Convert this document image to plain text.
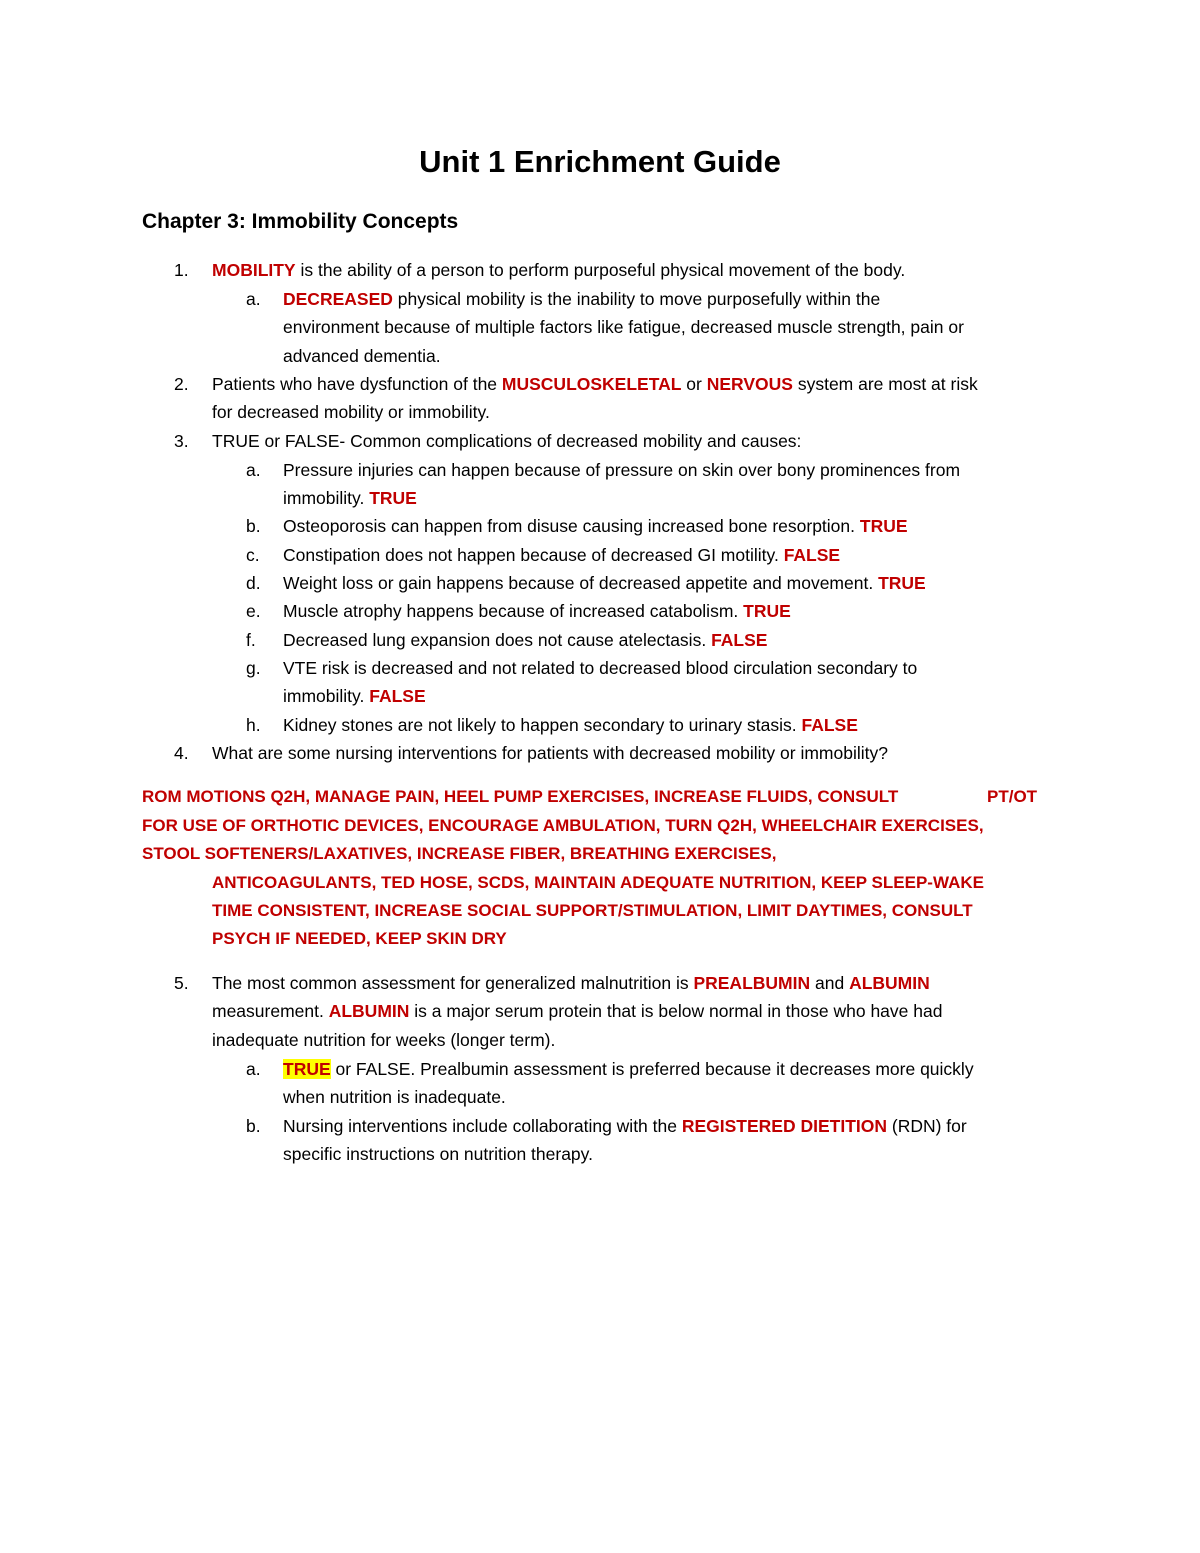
Unit 1 Enrichment Guide
Chapter 3: Immobility Concepts
1. MOBILITY is the ability of a person to perform purposeful physical movement of the body.
a. DECREASED physical mobility is the inability to move purposefully within the
environment because of multiple factors like fatigue, decreased muscle strength, pain or
advanced dementia.
2. Patients who have dysfunction of the MUSCULOSKELETAL or NERVOUS system are most at risk
for decreased mobility or immobility.
3. TRUE or FALSE- Common complications of decreased mobility and causes:
a. Pressure injuries can happen because of pressure on skin over bony prominences from
immobility. TRUE
b. Osteoporosis can happen from disuse causing increased bone resorption. TRUE
c. Constipation does not happen because of decreased GI motility. FALSE
d. Weight loss or gain happens because of decreased appetite and movement. TRUE
e. Muscle atrophy happens because of increased catabolism. TRUE
f. Decreased lung expansion does not cause atelectasis. FALSE
g. VTE risk is decreased and not related to decreased blood circulation secondary to
immobility. FALSE
h. Kidney stones are not likely to happen secondary to urinary stasis. FALSE
4. What are some nursing interventions for patients with decreased mobility or immobility?
ROM MOTIONS Q2H, MANAGE PAIN, HEEL PUMP EXERCISES, INCREASE FLUIDS, CONSULT	PT/OT
FOR USE OF ORTHOTIC DEVICES, ENCOURAGE AMBULATION, TURN Q2H, WHEELCHAIR EXERCISES,
STOOL SOFTENERS/LAXATIVES, INCREASE FIBER, BREATHING EXERCISES,
ANTICOAGULANTS, TED HOSE, SCDS, MAINTAIN ADEQUATE NUTRITION, KEEP SLEEP-WAKE
TIME CONSISTENT, INCREASE SOCIAL SUPPORT/STIMULATION, LIMIT DAYTIMES, CONSULT
PSYCH IF NEEDED, KEEP SKIN DRY
5. The most common assessment for generalized malnutrition is PREALBUMIN and ALBUMIN
measurement. ALBUMIN is a major serum protein that is below normal in those who have had
inadequate nutrition for weeks (longer term).
a. TRUE or FALSE. Prealbumin assessment is preferred because it decreases more quickly
when nutrition is inadequate.
b. Nursing interventions include collaborating with the REGISTERED DIETITION (RDN) for
specific instructions on nutrition therapy.
